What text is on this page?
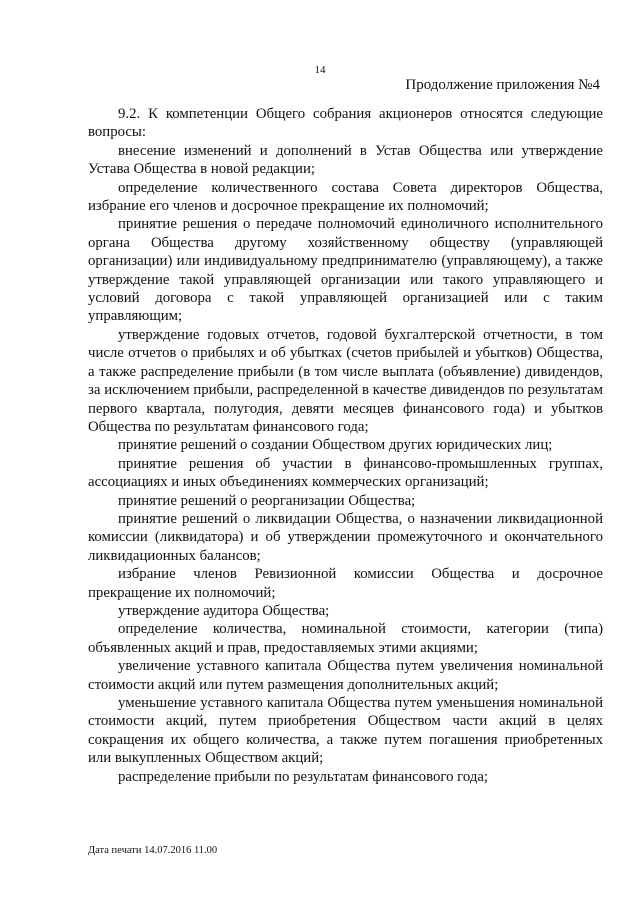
14
Продолжение приложения №4

9.2. К компетенции Общего собрания акционеров относятся следующие вопросы:

внесение изменений и дополнений в Устав Общества или утверждение Устава Общества в новой редакции;

определение количественного состава Совета директоров Общества, избрание его членов и досрочное прекращение их полномочий;

принятие решения о передаче полномочий единоличного исполнительного органа Общества другому хозяйственному обществу (управляющей организации) или индивидуальному предпринимателю (управляющему), а также утверждение такой управляющей организации или такого управляющего и условий договора с такой управляющей организацией или с таким управляющим;

утверждение годовых отчетов, годовой бухгалтерской отчетности, в том числе отчетов о прибылях и об убытках (счетов прибылей и убытков) Общества, а также распределение прибыли (в том числе выплата (объявление) дивидендов, за исключением прибыли, распределенной в качестве дивидендов по результатам первого квартала, полугодия, девяти месяцев финансового года) и убытков Общества по результатам финансового года;

принятие решений о создании Обществом других юридических лиц;

принятие решения об участии в финансово-промышленных группах, ассоциациях и иных объединениях коммерческих организаций;

принятие решений о реорганизации Общества;

принятие решений о ликвидации Общества, о назначении ликвидационной комиссии (ликвидатора) и об утверждении промежуточного и окончательного ликвидационных балансов;

избрание членов Ревизионной комиссии Общества и досрочное прекращение их полномочий;

утверждение аудитора Общества;

определение количества, номинальной стоимости, категории (типа) объявленных акций и прав, предоставляемых этими акциями;

увеличение уставного капитала Общества путем увеличения номинальной стоимости акций или путем размещения дополнительных акций;

уменьшение уставного капитала Общества путем уменьшения номинальной стоимости акций, путем приобретения Обществом части акций в целях сокращения их общего количества, а также путем погашения приобретенных или выкупленных Обществом акций;

распределение прибыли по результатам финансового года;

Дата печати 14.07.2016 11.00
